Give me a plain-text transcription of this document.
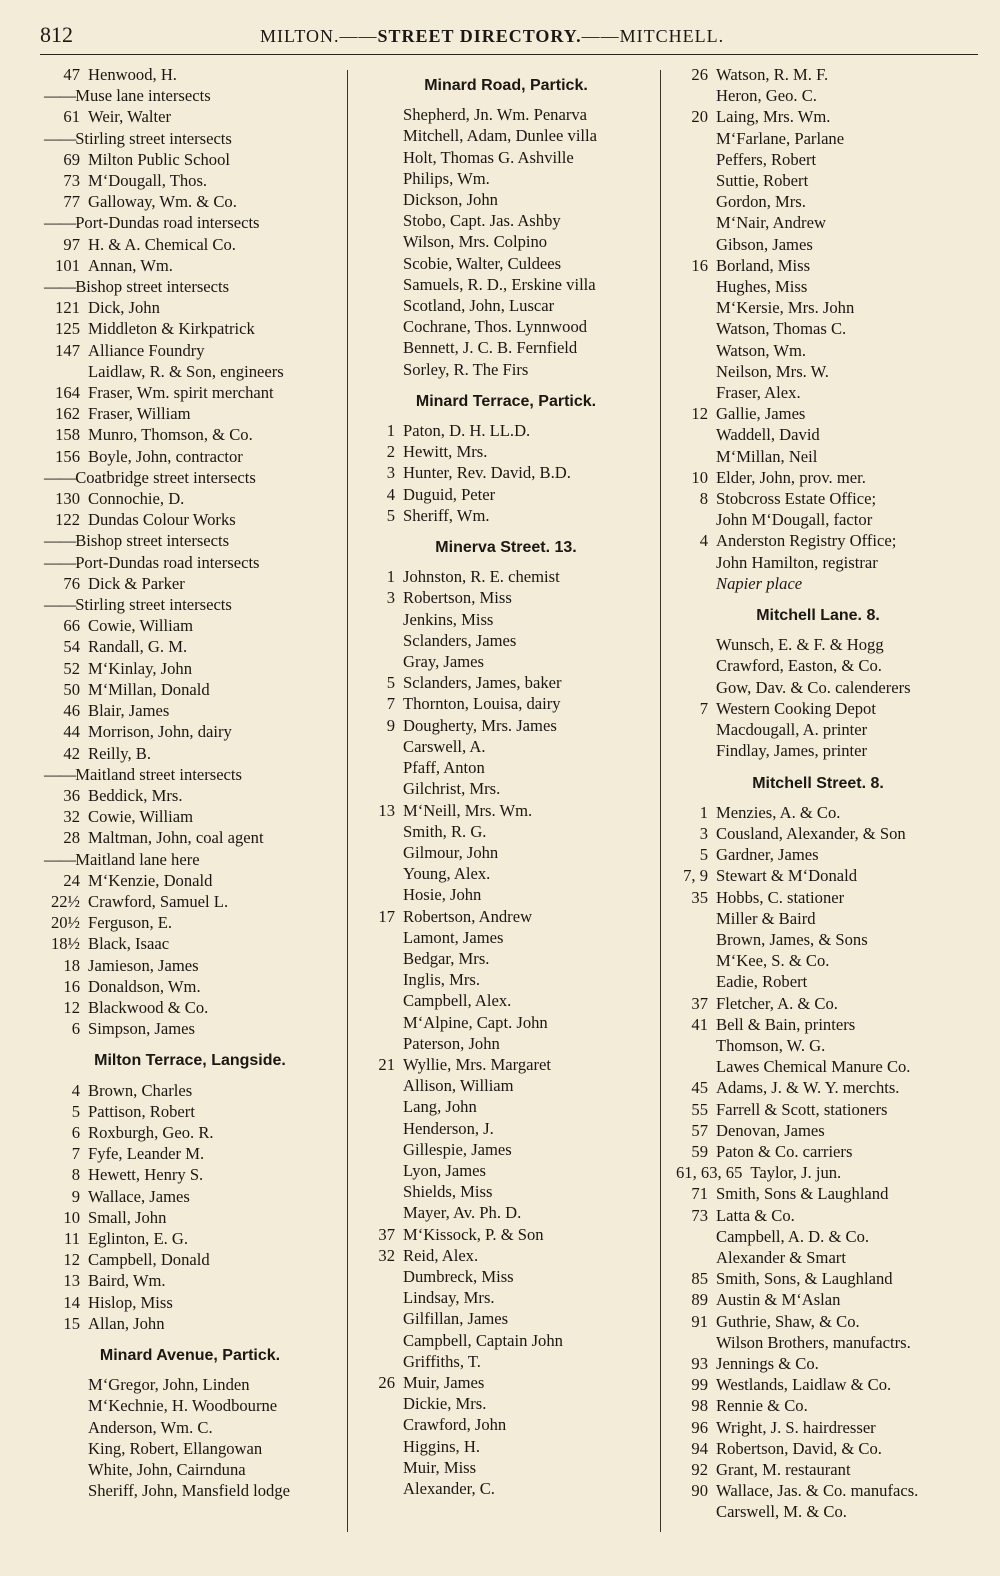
812	MILTON.——STREET DIRECTORY.——MITCHELL.
47 Henwood, H.
—— Muse lane intersects
61 Weir, Walter
—— Stirling street intersects
69 Milton Public School
73 M‘Dougall, Thos.
77 Galloway, Wm. & Co.
—— Port-Dundas road intersects
97 H. & A. Chemical Co.
101 Annan, Wm.
—— Bishop street intersects
121 Dick, John
125 Middleton & Kirkpatrick
147 Alliance Foundry
Laidlaw, R. & Son, engineers
164 Fraser, Wm. spirit merchant
162 Fraser, William
158 Munro, Thomson, & Co.
156 Boyle, John, contractor
—— Coatbridge street intersects
130 Connochie, D.
122 Dundas Colour Works
—— Bishop street intersects
—— Port-Dundas road intersects
76 Dick & Parker
—— Stirling street intersects
66 Cowie, William
54 Randall, G. M.
52 M‘Kinlay, John
50 M‘Millan, Donald
46 Blair, James
44 Morrison, John, dairy
42 Reilly, B.
—— Maitland street intersects
36 Beddick, Mrs.
32 Cowie, William
28 Maltman, John, coal agent
—— Maitland lane here
24 M‘Kenzie, Donald
22½ Crawford, Samuel L.
20½ Ferguson, E.
18½ Black, Isaac
18 Jamieson, James
16 Donaldson, Wm.
12 Blackwood & Co.
6 Simpson, James
Milton Terrace, Langside.
4 Brown, Charles
5 Pattison, Robert
6 Roxburgh, Geo. R.
7 Fyfe, Leander M.
8 Hewett, Henry S.
9 Wallace, James
10 Small, John
11 Eglinton, E. G.
12 Campbell, Donald
13 Baird, Wm.
14 Hislop, Miss
15 Allan, John
Minard Avenue, Partick.
M‘Gregor, John, Linden
M‘Kechnie, H. Woodbourne
Anderson, Wm. C.
King, Robert, Ellangowan
White, John, Cairnduna
Sheriff, John, Mansfield lodge
Minard Road, Partick.
Shepherd, Jn. Wm. Penarva
Mitchell, Adam, Dunlee villa
Holt, Thomas G. Ashville
Philips, Wm.
Dickson, John
Stobo, Capt. Jas. Ashby
Wilson, Mrs. Colpino
Scobie, Walter, Culdees
Samuels, R. D., Erskine villa
Scotland, John, Luscar
Cochrane, Thos. Lynnwood
Bennett, J. C. B. Fernfield
Sorley, R. The Firs
Minard Terrace, Partick.
1 Paton, D. H. LL.D.
2 Hewitt, Mrs.
3 Hunter, Rev. David, B.D.
4 Duguid, Peter
5 Sheriff, Wm.
Minerva Street. 13.
1 Johnston, R. E. chemist
3 Robertson, Miss
Jenkins, Miss
Sclanders, James
Gray, James
5 Sclanders, James, baker
7 Thornton, Louisa, dairy
9 Dougherty, Mrs. James
Carswell, A.
Pfaff, Anton
Gilchrist, Mrs.
13 M‘Neill, Mrs. Wm.
Smith, R. G.
Gilmour, John
Young, Alex.
Hosie, John
17 Robertson, Andrew
Lamont, James
Bedgar, Mrs.
Inglis, Mrs.
Campbell, Alex.
M‘Alpine, Capt. John
Paterson, John
21 Wyllie, Mrs. Margaret
Allison, William
Lang, John
Henderson, J.
Gillespie, James
Lyon, James
Shields, Miss
Mayer, Av. Ph. D.
37 M‘Kissock, P. & Son
32 Reid, Alex.
Dumbreck, Miss
Lindsay, Mrs.
Gilfillan, James
Campbell, Captain John
Griffiths, T.
26 Muir, James
Dickie, Mrs.
Crawford, John
Higgins, H.
Muir, Miss
Alexander, C.
26 Watson, R. M. F.
Heron, Geo. C.
20 Laing, Mrs. Wm.
M‘Farlane, Parlane
Peffers, Robert
Suttie, Robert
Gordon, Mrs.
M‘Nair, Andrew
Gibson, James
16 Borland, Miss
Hughes, Miss
M‘Kersie, Mrs. John
Watson, Thomas C.
Watson, Wm.
Neilson, Mrs. W.
Fraser, Alex.
12 Gallie, James
Waddell, David
M‘Millan, Neil
10 Elder, John, prov. mer.
8 Stobcross Estate Office;
John M‘Dougall, factor
4 Anderston Registry Office;
John Hamilton, registrar
Napier place
Mitchell Lane. 8.
Wunsch, E. & F. & Hogg
Crawford, Easton, & Co.
Gow, Dav. & Co. calenderers
7 Western Cooking Depot
Macdougall, A. printer
Findlay, James, printer
Mitchell Street. 8.
1 Menzies, A. & Co.
3 Cousland, Alexander, & Son
5 Gardner, James
7, 9 Stewart & M‘Donald
35 Hobbs, C. stationer
Miller & Baird
Brown, James, & Sons
M‘Kee, S. & Co.
Eadie, Robert
37 Fletcher, A. & Co.
41 Bell & Bain, printers
Thomson, W. G.
Lawes Chemical Manure Co.
45 Adams, J. & W. Y. merchts.
55 Farrell & Scott, stationers
57 Denovan, James
59 Paton & Co. carriers
61, 63, 65 Taylor, J. jun.
71 Smith, Sons & Laughland
73 Latta & Co.
Campbell, A. D. & Co.
Alexander & Smart
85 Smith, Sons, & Laughland
89 Austin & M‘Aslan
91 Guthrie, Shaw, & Co.
Wilson Brothers, manufactrs.
93 Jennings & Co.
99 Westlands, Laidlaw & Co.
98 Rennie & Co.
96 Wright, J. S. hairdresser
94 Robertson, David, & Co.
92 Grant, M. restaurant
90 Wallace, Jas. & Co. manufacs.
Carswell, M. & Co.
